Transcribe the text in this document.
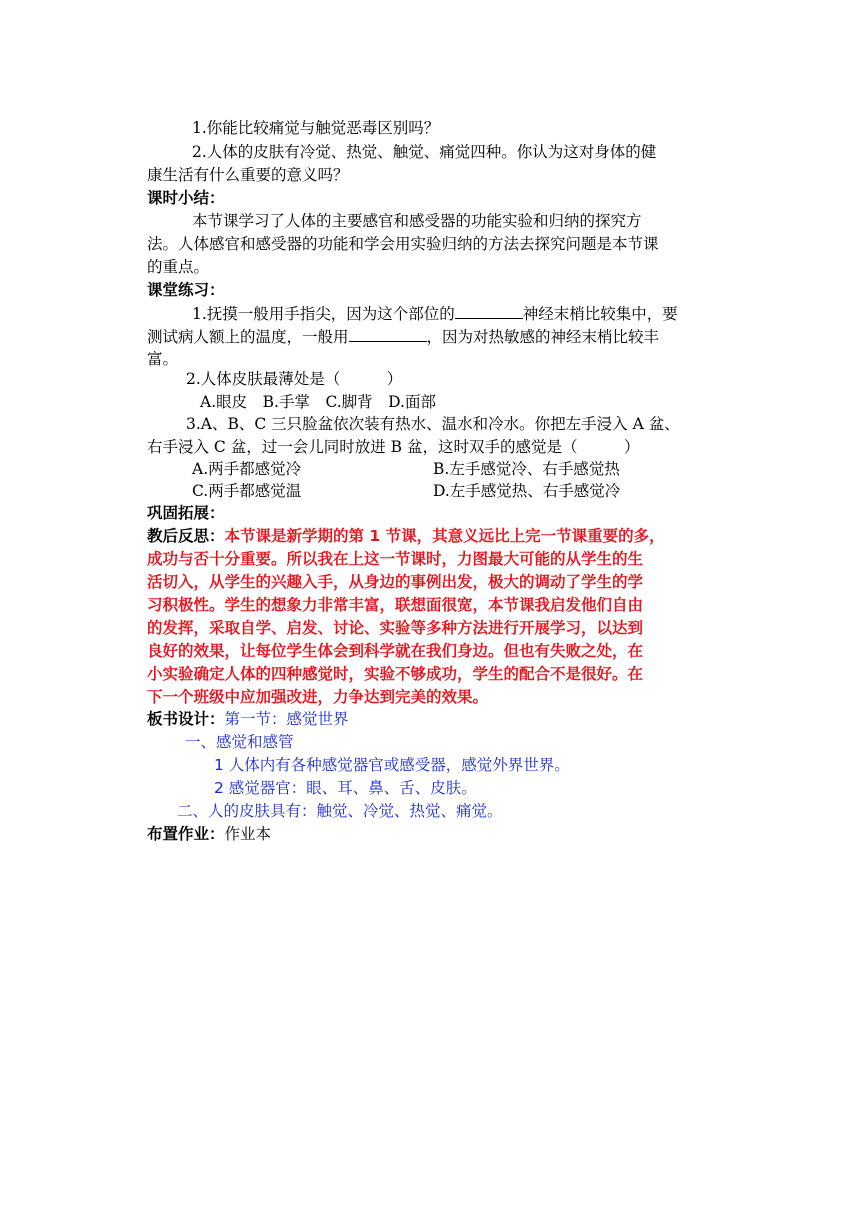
1.你能比较痛觉与触觉恶毒区别吗？
2.人体的皮肤有冷觉、热觉、触觉、痛觉四种。你认为这对身体的健
康生活有什么重要的意义吗？
课时小结：
本节课学习了人体的主要感官和感受器的功能实验和归纳的探究方
法。人体感官和感受器的功能和学会用实验归纳的方法去探究问题是本节课
的重点。
课堂练习：
1.抚摸一般用手指尖，因为这个部位的	神经末梢比较集中，要
测试病人额上的温度，一般用	，因为对热敏感的神经末梢比较丰
富。
2.人体皮肤最薄处是（　　　）
A.眼皮　B.手掌　C.脚背　D.面部
3.A、B、C 三只脸盆依次装有热水、温水和冷水。你把左手浸入 A 盆、
右手浸入 C 盆，过一会儿同时放进 B 盆，这时双手的感觉是（　　　）
A.两手都感觉冷	B.左手感觉冷、右手感觉热
C.两手都感觉温	D.左手感觉热、右手感觉冷
巩固拓展：
教后反思：本节课是新学期的第 1 节课，其意义远比上完一节课重要的多，
成功与否十分重要。所以我在上这一节课时，力图最大可能的从学生的生
活切入，从学生的兴趣入手，从身边的事例出发，极大的调动了学生的学
习积极性。学生的想象力非常丰富，联想面很宽，本节课我启发他们自由
的发挥，采取自学、启发、讨论、实验等多种方法进行开展学习，以达到
良好的效果，让每位学生体会到科学就在我们身边。但也有失败之处，在
小实验确定人体的四种感觉时，实验不够成功，学生的配合不是很好。在
下一个班级中应加强改进，力争达到完美的效果。
板书设计：第一节：感觉世界
一、感觉和感管
1 人体内有各种感觉器官或感受器，感觉外界世界。
2 感觉器官：眼、耳、鼻、舌、皮肤。
二、人的皮肤具有：触觉、冷觉、热觉、痛觉。
布置作业：作业本
